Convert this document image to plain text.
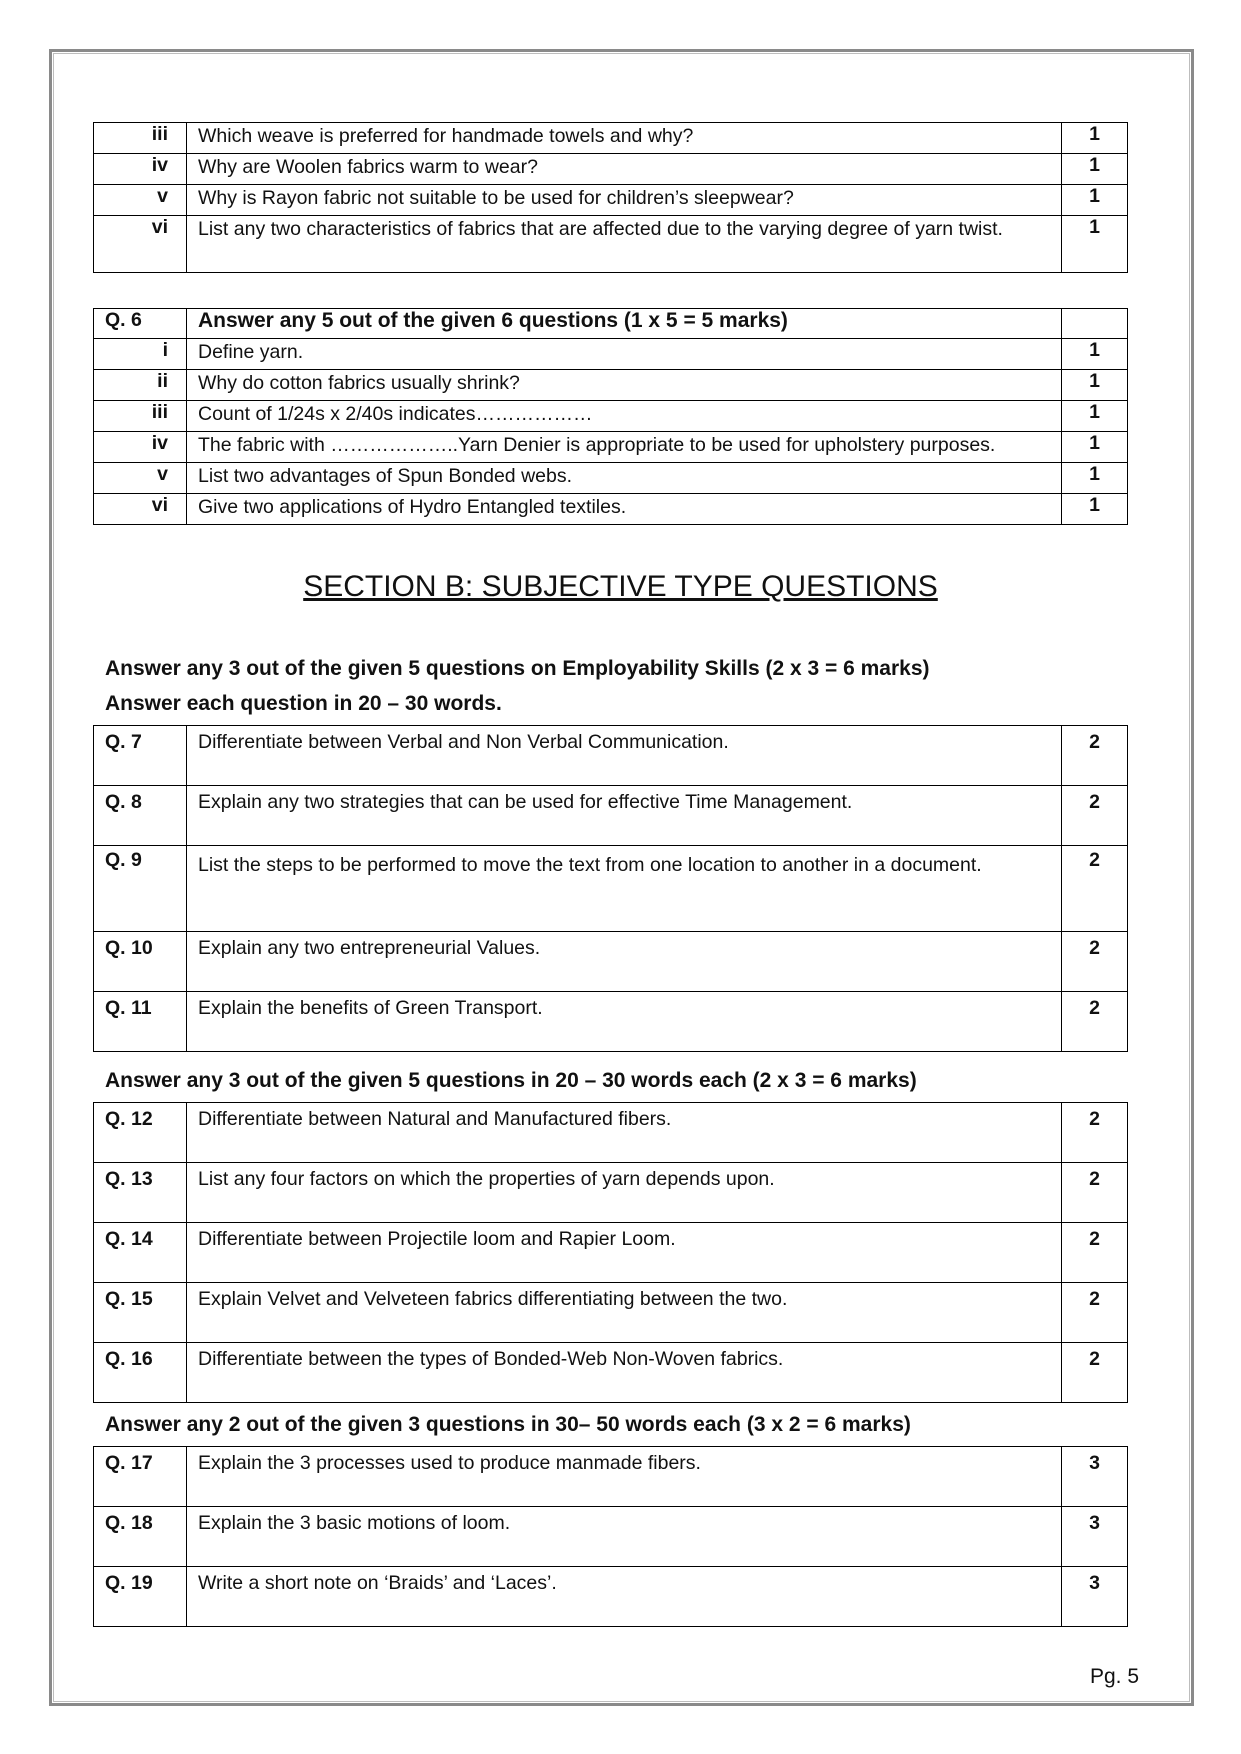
iii	Which weave is preferred for handmade towels and why?	1
iv	Why are Woolen fabrics warm to wear?	1
v	Why is Rayon fabric not suitable to be used for children’s sleepwear?	1
vi	List any two characteristics of fabrics that are affected due to the varying degree of yarn twist.	1
Q. 6	Answer any 5 out of the given 6 questions (1 x 5 = 5 marks)	
i	Define yarn.	1
ii	Why do cotton fabrics usually shrink?	1
iii	Count of 1/24s x 2/40s indicates………………	1
iv	The fabric with ………………..Yarn Denier is appropriate to be used for upholstery purposes.	1
v	List two advantages of Spun Bonded webs.	1
vi	Give two applications of Hydro Entangled textiles.	1
SECTION B: SUBJECTIVE TYPE QUESTIONS
Answer any 3 out of the given 5 questions on Employability Skills (2 x 3 = 6 marks)
Answer each question in 20 – 30 words.
Q. 7	Differentiate between Verbal and Non Verbal Communication.	2
Q. 8	Explain any two strategies that can be used for effective Time Management.	2
Q. 9	List the steps to be performed to move the text from one location to another in a document.	2
Q. 10	Explain any two entrepreneurial Values.	2
Q. 11	Explain the benefits of Green Transport.	2
Answer any 3 out of the given 5 questions in 20 – 30 words each (2 x 3 = 6 marks)
Q. 12	Differentiate between Natural and Manufactured fibers.	2
Q. 13	List any four factors on which the properties of yarn depends upon.	2
Q. 14	Differentiate between Projectile loom and Rapier Loom.	2
Q. 15	Explain Velvet and Velveteen fabrics differentiating between the two.	2
Q. 16	Differentiate between the types of Bonded-Web Non-Woven fabrics.	2
Answer any 2 out of the given 3 questions in 30– 50 words each (3 x 2 = 6 marks)
Q. 17	Explain the 3 processes used to produce manmade fibers.	3
Q. 18	Explain the 3 basic motions of loom.	3
Q. 19	Write a short note on ‘Braids’ and ‘Laces’.	3
Pg. 5
